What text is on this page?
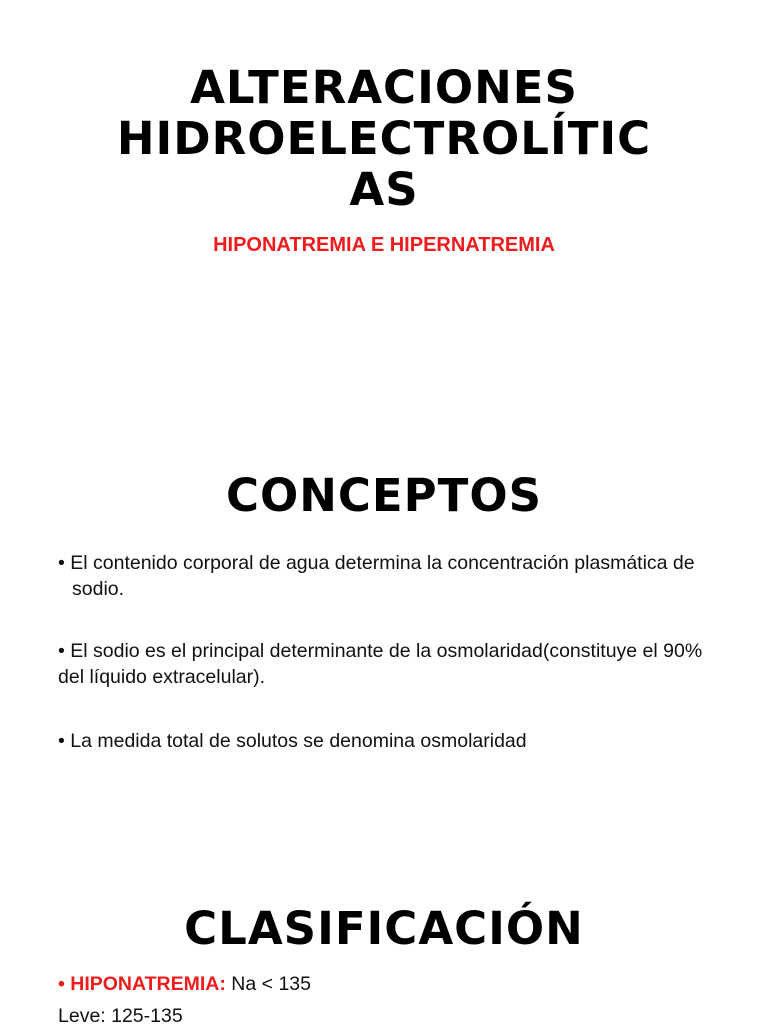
ALTERACIONES
HIDROELECTROLÍTIC
AS

HIPONATREMIA E HIPERNATREMIA

CONCEPTOS

• El contenido corporal de agua determina la concentración plasmática de sodio.

• El sodio es el principal determinante de la osmolaridad(constituye el 90% del líquido extracelular).

• La medida total de solutos se denomina osmolaridad

CLASIFICACIÓN

• HIPONATREMIA: Na < 135

Leve: 125-135
